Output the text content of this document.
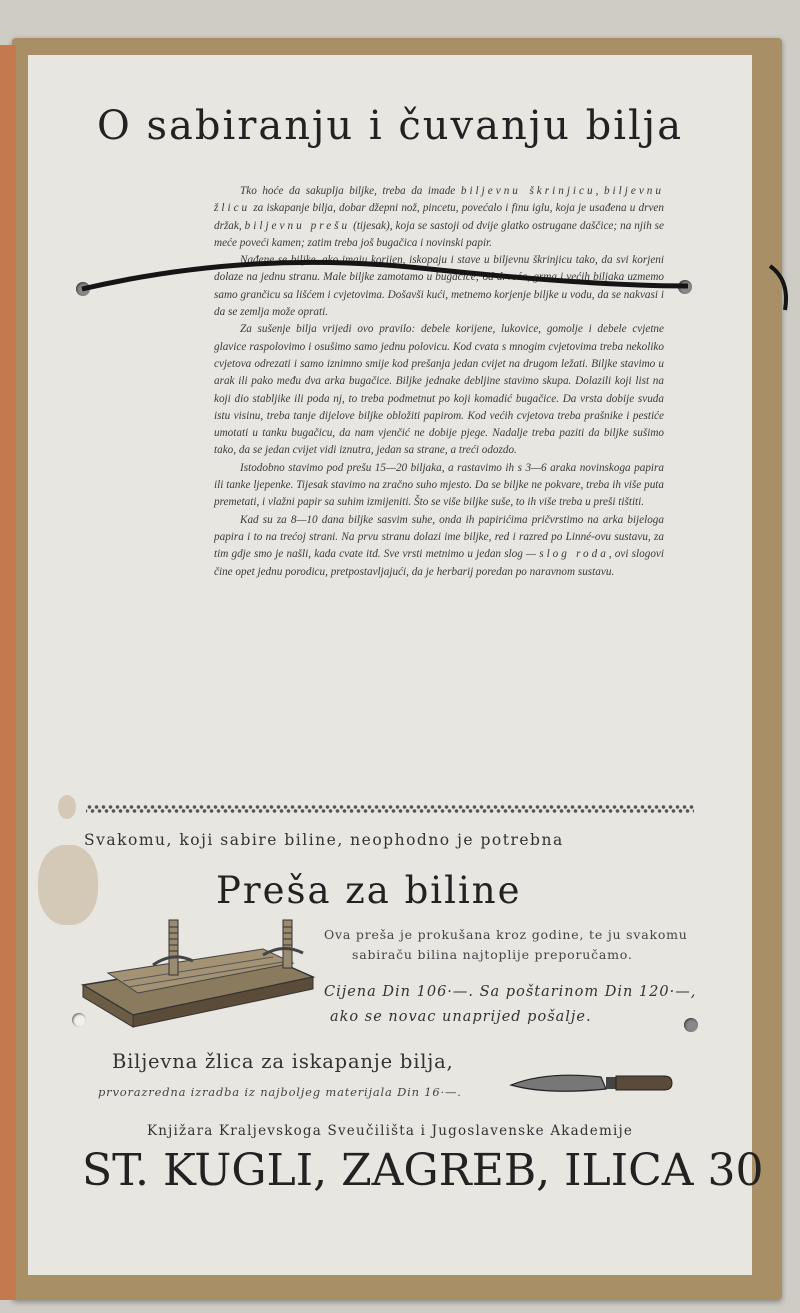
O sabiranju i čuvanju bilja

Tko hoće da sakuplja biljke, treba da imade biljevnu škrinjicu, biljevnu žlicu za iskapanje bilja, dobar džepni nož, pincetu, povećalo i finu iglu, koja je usađena u drven držak, biljevnu prešu (tijesak), koja se sastoji od dvije glatko ostrugane daščice; na njih se meće poveći kamen; zatim treba još bugačica i novinski papir.

Nađene se biljke, ako imaju korijen, iskopaju i stave u biljevnu škrinjicu tako, da svi korjeni dolaze na jednu stranu. Male biljke zamotamo u bugačice; od drveća, grma i većih biljaka uzmemo samo grančicu sa lišćem i cvjetovima. Došavši kući, metnemo korjenje biljke u vodu, da se nakvasi i da se zemlja može oprati.

Za sušenje bilja vrijedi ovo pravilo: debele korijene, lukovice, gomolje i debele cvjetne glavice raspolovimo i osušimo samo jednu polovicu. Kod cvata s mnogim cvjetovima treba nekoliko cvjetova odrezati i samo iznimno smije kod prešanja jedan cvijet na drugom ležati. Biljke stavimo u arak ili pako među dva arka bugačice. Biljke jednake debljine stavimo skupa. Dolazili koji list na koji dio stabljike ili poda nj, to treba podmetnut po koji komadić bugačice. Da vrsta dobije svuda istu visinu, treba tanje dijelove biljke obložiti papirom. Kod većih cvjetova treba prašnike i pestiće umotati u tanku bugačicu, da nam vjenčić ne dobije pjege. Nadalje treba paziti da biljke sušimo tako, da se jedan cvijet vidi iznutra, jedan sa strane, a treći odozdo.

Istodobno stavimo pod prešu 15—20 biljaka, a rastavimo ih s 3—6 araka novinskoga papira ili tanke ljepenke. Tijesak stavimo na zračno suho mjesto. Da se biljke ne pokvare, treba ih više puta premetati, i vlažni papir sa suhim izmijeniti. Što se više biljke suše, to ih više treba u preši tištiti.

Kad su za 8—10 dana biljke sasvim suhe, onda ih papirićima pričvrstimo na arka bijeloga papira i to na trećoj strani. Na prvu stranu dolazi ime biljke, red i razred po Linné-ovu sustavu, za tim gdje smo je našli, kada cvate itd. Sve vrsti metnimo u jedan slog — slog roda, ovi slogovi čine opet jednu porodicu, pretpostavljajući, da je herbarij poredan po naravnom sustavu.

Svakomu, koji sabire biline, neophodno je potrebna
Preša za biline
Ova preša je prokušana kroz godine, te ju svakomu
sabiraču bilina najtoplije preporučamo.
Cijena Din 106·—. Sa poštarinom Din 120·—,
ako se novac unaprijed pošalje.
Biljevna žlica za iskapanje bilja,
prvorazredna izradba iz najboljeg materijala Din 16·—.
Knjižara Kraljevskoga Sveučilišta i Jugoslavenske Akademije
ST. KUGLI, ZAGREB, ILICA 30
